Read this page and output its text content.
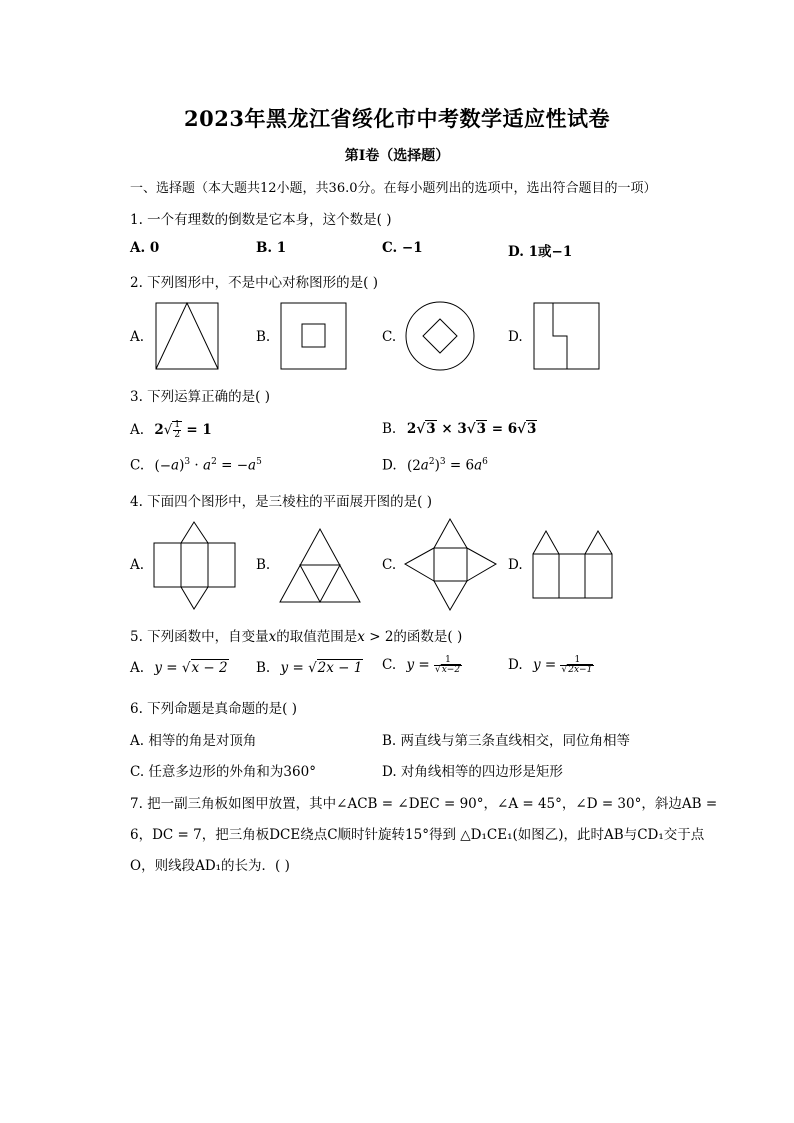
2023年黑龙江省绥化市中考数学适应性试卷
第I卷（选择题）
一、选择题（本大题共12小题，共36.0分。在每小题列出的选项中，选出符合题目的一项）
1. 一个有理数的倒数是它本身，这个数是( )
A. 0	B. 1	C. −1	D. 1或−1
2. 下列图形中，不是中心对称图形的是( )
A.	B.	C.	D.
3. 下列运算正确的是( )
A. $2√ \frac{1}{2} = 1$	B. 2√3 × 3√3 = 6√3
C. $(-a)^3 \cdot a^2 = -a^5$	D. $(2a^2)^3 = 6a^6$
4. 下面四个图形中，是三棱柱的平面展开图的是( )
A.	B.	C.	D.
5. 下列函数中，自变量x的取值范围是x > 2的函数是( )
A. y = √x − 2 B. y = √2x − 1 C. $y = \frac{1}{√x-2}$	D. $y = \frac{1}{√2x-1}$
6. 下列命题是真命题的是( )
A. 相等的角是对顶角	B. 两直线与第三条直线相交，同位角相等
C. 任意多边形的外角和为360°	D. 对角线相等的四边形是矩形
7. 把一副三角板如图甲放置，其中∠ACB = ∠DEC = 90°，∠A = 45°，∠D = 30°，斜边AB =
6，DC = 7，把三角板DCE绕点C顺时针旋转15°得到 △D₁CE₁(如图乙)，此时AB与CD₁交于点
O，则线段AD₁的长为．( )
